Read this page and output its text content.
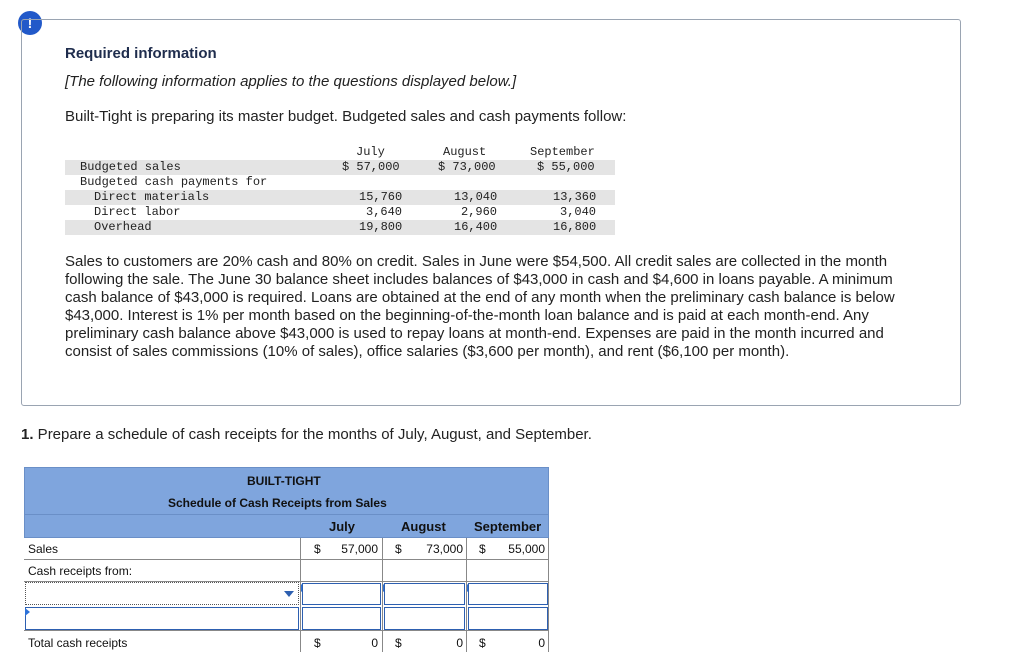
!
Required information
[The following information applies to the questions displayed below.]
Built-Tight is preparing its master budget. Budgeted sales and cash payments follow:
July	August	September
Budgeted sales	$ 57,000	$ 73,000	$ 55,000
Budgeted cash payments for
Direct materials	15,760	13,040	13,360
Direct labor	3,640	2,960	3,040
Overhead	19,800	16,400	16,800
Sales to customers are 20% cash and 80% on credit. Sales in June were $54,500. All credit sales are collected in the month following the sale. The June 30 balance sheet includes balances of $43,000 in cash and $4,600 in loans payable. A minimum cash balance of $43,000 is required. Loans are obtained at the end of any month when the preliminary cash balance is below $43,000. Interest is 1% per month based on the beginning-of-the-month loan balance and is paid at each month-end. Any preliminary cash balance above $43,000 is used to repay loans at month-end. Expenses are paid in the month incurred and consist of sales commissions (10% of sales), office salaries ($3,600 per month), and rent ($6,100 per month).
1. Prepare a schedule of cash receipts for the months of July, August, and September.
BUILT-TIGHT
Schedule of Cash Receipts from Sales
July	August September
Sales	$	57,000 $	73,000 $	55,000
Cash receipts from:
Total cash receipts	$	0 $	0 $	0
